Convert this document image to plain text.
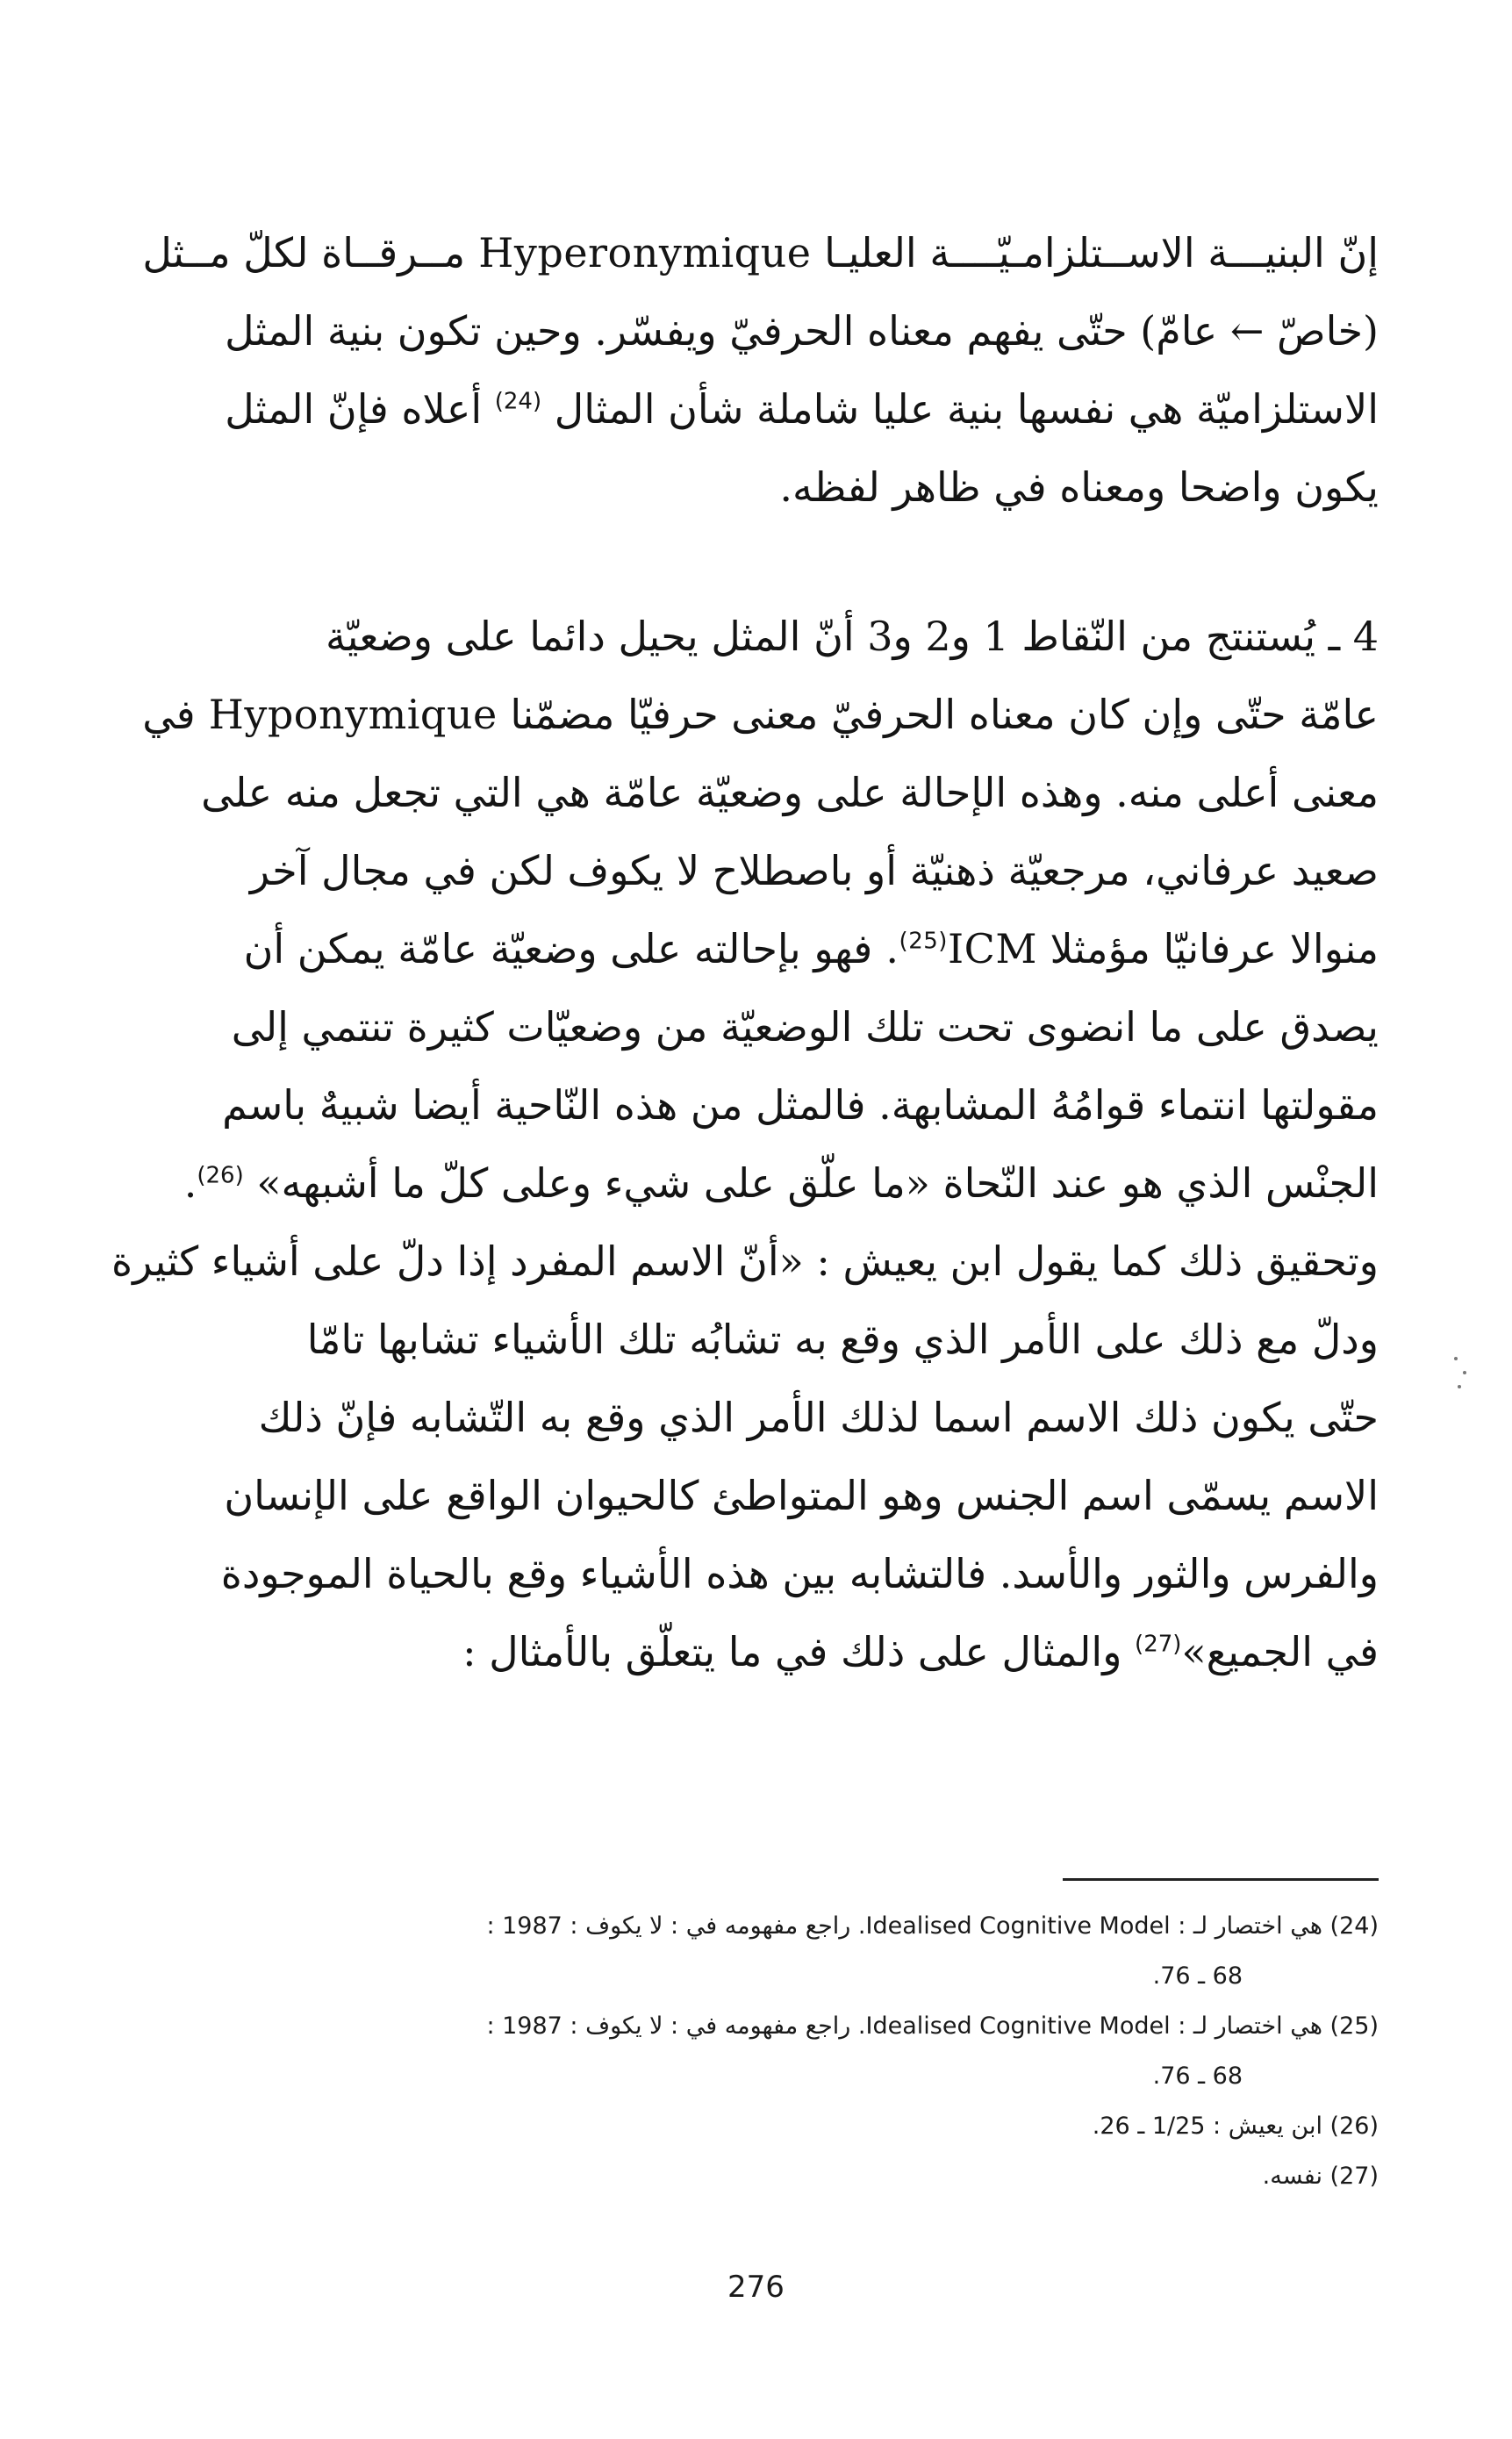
إنّ البنيـــة الاســتلزامـيّــــة العليـا Hyperonymique مــرقــاة لكلّ مــثل
(خاصّ ← عامّ) حتّى يفهم معناه الحرفيّ ويفسّر. وحين تكون بنية المثل
الاستلزاميّة هي نفسها بنية عليا شاملة شأن المثال $^{(24)}$ أعلاه فإنّ المثل
يكون واضحا ومعناه في ظاهر لفظه.
4 ـ يُستنتج من النّقاط 1 و2 و3 أنّ المثل يحيل دائما على وضعيّة
عامّة حتّى وإن كان معناه الحرفيّ معنى حرفيّا مضمّنا Hyponymique في
معنى أعلى منه. وهذه الإحالة على وضعيّة عامّة هي التي تجعل منه على
صعيد عرفاني، مرجعيّة ذهنيّة أو باصطلاح لا يكوف لكن في مجال آخر
منوالا عرفانيّا مؤمثلا ICM$^{(25)}$. فهو بإحالته على وضعيّة عامّة يمكن أن
يصدق على ما انضوى تحت تلك الوضعيّة من وضعيّات كثيرة تنتمي إلى
مقولتها انتماء قوامُهُ المشابهة. فالمثل من هذه النّاحية أيضا شبيهٌ باسم
الجنْس الذي هو عند النّحاة «ما علّق على شيء وعلى كلّ ما أشبهه» $^{(26)}$.
وتحقيق ذلك كما يقول ابن يعيش : «أنّ الاسم المفرد إذا دلّ على أشياء كثيرة
ودلّ مع ذلك على الأمر الذي وقع به تشابُه تلك الأشياء تشابها تامّا
حتّى يكون ذلك الاسم اسما لذلك الأمر الذي وقع به التّشابه فإنّ ذلك
الاسم يسمّى اسم الجنس وهو المتواطئ كالحيوان الواقع على الإنسان
والفرس والثور والأسد. فالتشابه بين هذه الأشياء وقع بالحياة الموجودة
في الجميع»$^{(27)}$ والمثال على ذلك في ما يتعلّق بالأمثال :
(24) هي اختصار لـ : Idealised Cognitive Model. راجع مفهومه في : لا يكوف : 1987 :
68 ـ 76.
(25) هي اختصار لـ : Idealised Cognitive Model. راجع مفهومه في : لا يكوف : 1987 :
68 ـ 76.
(26) ابن يعيش : 1/25 ـ 26.
(27) نفسه.
276
